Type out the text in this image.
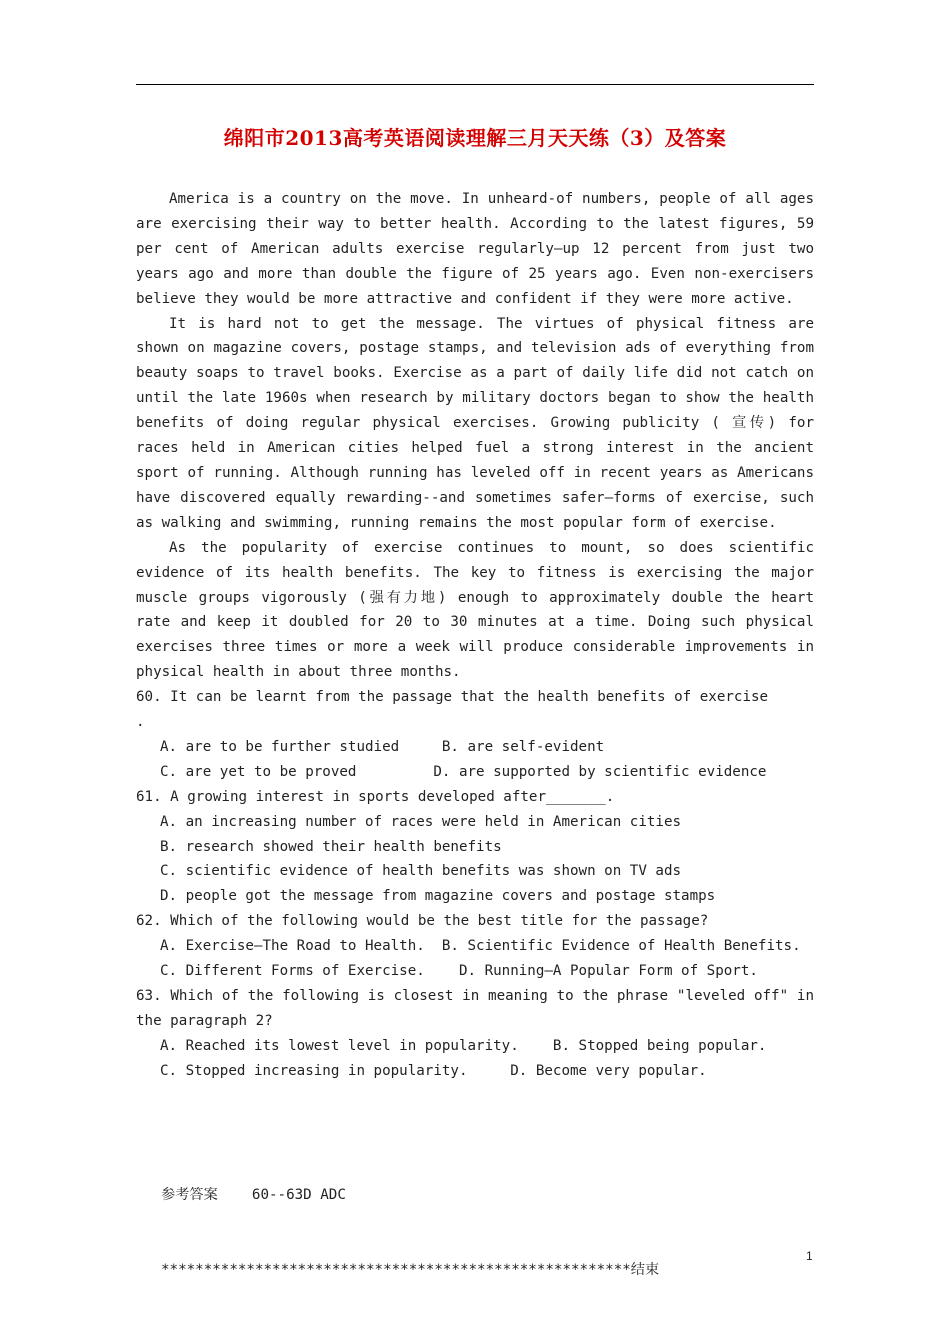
绵阳市2013高考英语阅读理解三月天天练（3）及答案

America is a country on the move. In unheard-of numbers, people of all ages are exercising their way to better health. According to the latest figures, 59 per cent of American adults exercise regularly—up 12 percent from just two years ago and more than double the figure of 25 years ago. Even non-exercisers believe they would be more attractive and confident if they were more active.

It is hard not to get the message. The virtues of physical fitness are shown on magazine covers, postage stamps, and television ads of everything from beauty soaps to travel books. Exercise as a part of daily life did not catch on until the late 1960s when research by military doctors began to show the health benefits of doing regular physical exercises. Growing publicity ( 宣传) for races held in American cities helped fuel a strong interest in the ancient sport of running. Although running has leveled off in recent years as Americans have discovered equally rewarding--and sometimes safer—forms of exercise, such as walking and swimming, running remains the most popular form of exercise.

As the popularity of exercise continues to mount, so does scientific evidence of its health benefits. The key to fitness is exercising the major muscle groups vigorously (强有力地) enough to approximately double the heart rate and keep it doubled for 20 to 30 minutes at a time. Doing such physical exercises three times or more a week will produce considerable improvements in physical health in about three months.

60. It can be learnt from the passage that the health benefits of exercise

.

A. are to be further studied     B. are self-evident

C. are yet to be proved         D. are supported by scientific evidence

61. A growing interest in sports developed after_______.

A. an increasing number of races were held in American cities

B. research showed their health benefits

C. scientific evidence of health benefits was shown on TV ads

D. people got the message from magazine covers and postage stamps

62. Which of the following would be the best title for the passage?

A. Exercise—The Road to Health.  B. Scientific Evidence of Health Benefits.

C. Different Forms of Exercise.    D. Running—A Popular Form of Sport.

63. Which of the following is closest in meaning to the phrase "leveled off" in the paragraph 2?

A. Reached its lowest level in popularity.    B. Stopped being popular.

C. Stopped increasing in popularity.     D. Become very popular.

参考答案    60--63D ADC

*******************************************************结束

1
